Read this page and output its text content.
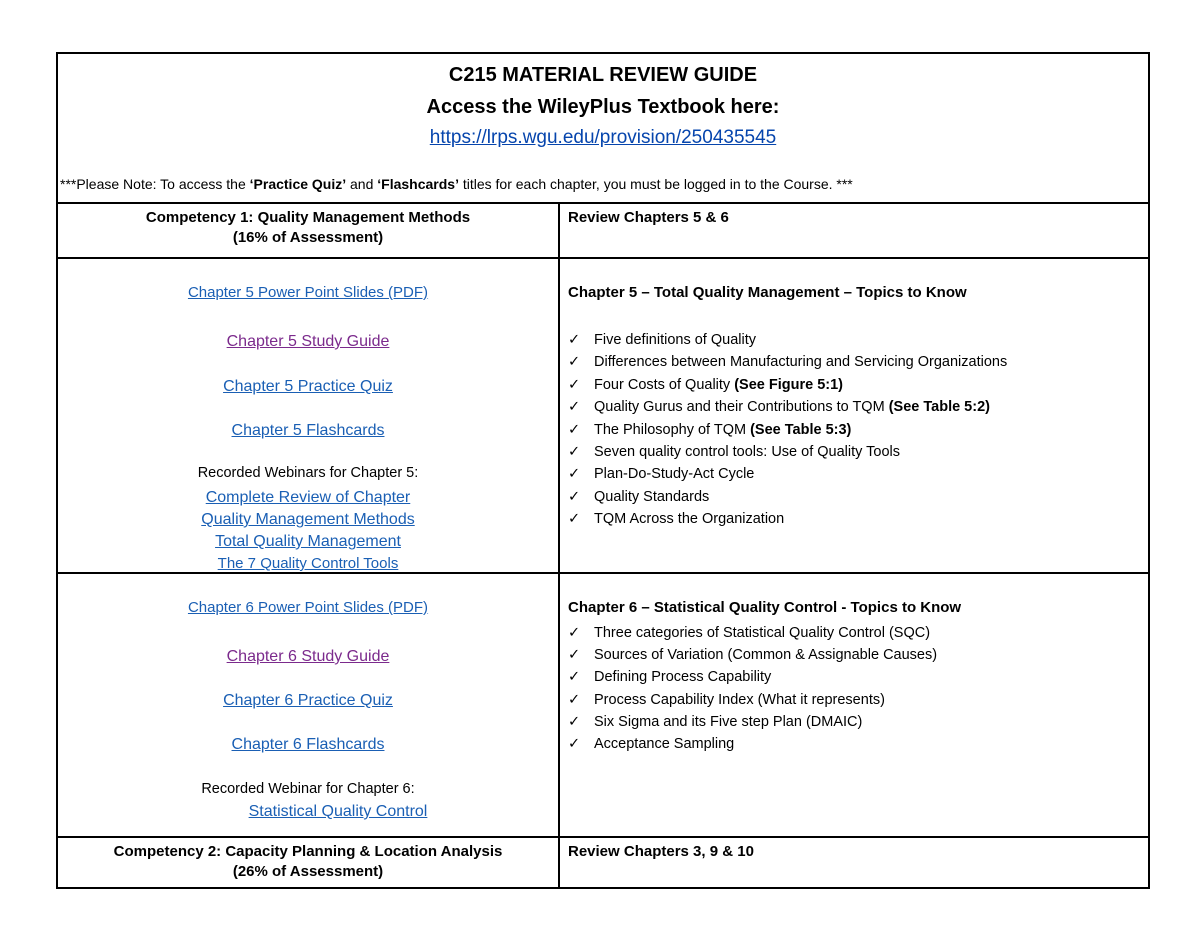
C215 MATERIAL REVIEW GUIDE
Access the WileyPlus Textbook here:
https://lrps.wgu.edu/provision/250435545
***Please Note: To access the ‘Practice Quiz’ and ‘Flashcards’ titles for each chapter, you must be logged in to the Course. ***
Competency 1: Quality Management Methods
(16% of Assessment)
Review Chapters 5 & 6
Chapter 5 Power Point Slides (PDF)
Chapter 5 Study Guide
Chapter 5 Practice Quiz
Chapter 5 Flashcards
Recorded Webinars for Chapter 5:
Complete Review of Chapter
Quality Management Methods
Total Quality Management
The 7 Quality Control Tools
Chapter 5 – Total Quality Management – Topics to Know
✓ Five definitions of Quality
✓ Differences between Manufacturing and Servicing Organizations
✓ Four Costs of Quality (See Figure 5:1)
✓ Quality Gurus and their Contributions to TQM (See Table 5:2)
✓ The Philosophy of TQM (See Table 5:3)
✓ Seven quality control tools: Use of Quality Tools
✓ Plan-Do-Study-Act Cycle
✓ Quality Standards
✓ TQM Across the Organization
Chapter 6 Power Point Slides (PDF)
Chapter 6 Study Guide
Chapter 6 Practice Quiz
Chapter 6 Flashcards
Recorded Webinar for Chapter 6:
Statistical Quality Control
Chapter 6 – Statistical Quality Control - Topics to Know
✓ Three categories of Statistical Quality Control (SQC)
✓ Sources of Variation (Common & Assignable Causes)
✓ Defining Process Capability
✓ Process Capability Index (What it represents)
✓ Six Sigma and its Five step Plan (DMAIC)
✓ Acceptance Sampling
Competency 2: Capacity Planning & Location Analysis
(26% of Assessment)
Review Chapters 3, 9 & 10
